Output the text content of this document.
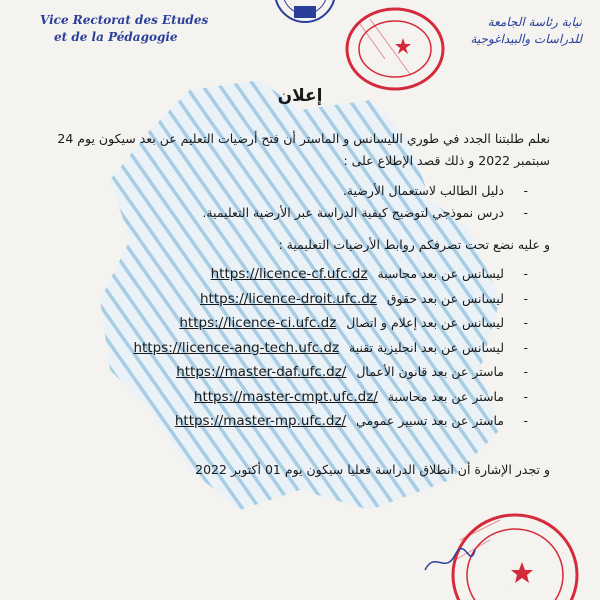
Vice Rectorat des Etudes
et de la Pédagogie
نيابة رئاسة الجامعة
للدراسات والبيداغوجية
إعلان
نعلم طلبتنا الجدد في طوري الليسانس و الماستر أن فتح أرضيات التعليم عن بعد سيكون يوم 24 سبتمبر 2022 و ذلك قصد الإطلاع على :
- دليل الطالب لاستعمال الأرضية.
- درس نموذجي لتوضيح كيفية الدراسة عبر الأرضية التعليمية.
و عليه نضع تحت تصرفكم روابط الأرضيات التعليمية :
- ليسانس عن بعد محاسبة https://licence-cf.ufc.dz
- ليسانس عن بعد حقوق https://licence-droit.ufc.dz
- ليسانس عن بعد إعلام و اتصال https://licence-ci.ufc.dz
- ليسانس عن بعد انجليزية تقنية https://licence-ang-tech.ufc.dz
- ماستر عن بعد قانون الأعمال https://master-daf.ufc.dz/
- ماستر عن بعد محاسبة https://master-cmpt.ufc.dz/
- ماستر عن بعد تسيير عمومي https://master-mp.ufc.dz/
و تجدر الإشارة أن انطلاق الدراسة فعليا سيكون يوم 01 أكتوبر 2022
